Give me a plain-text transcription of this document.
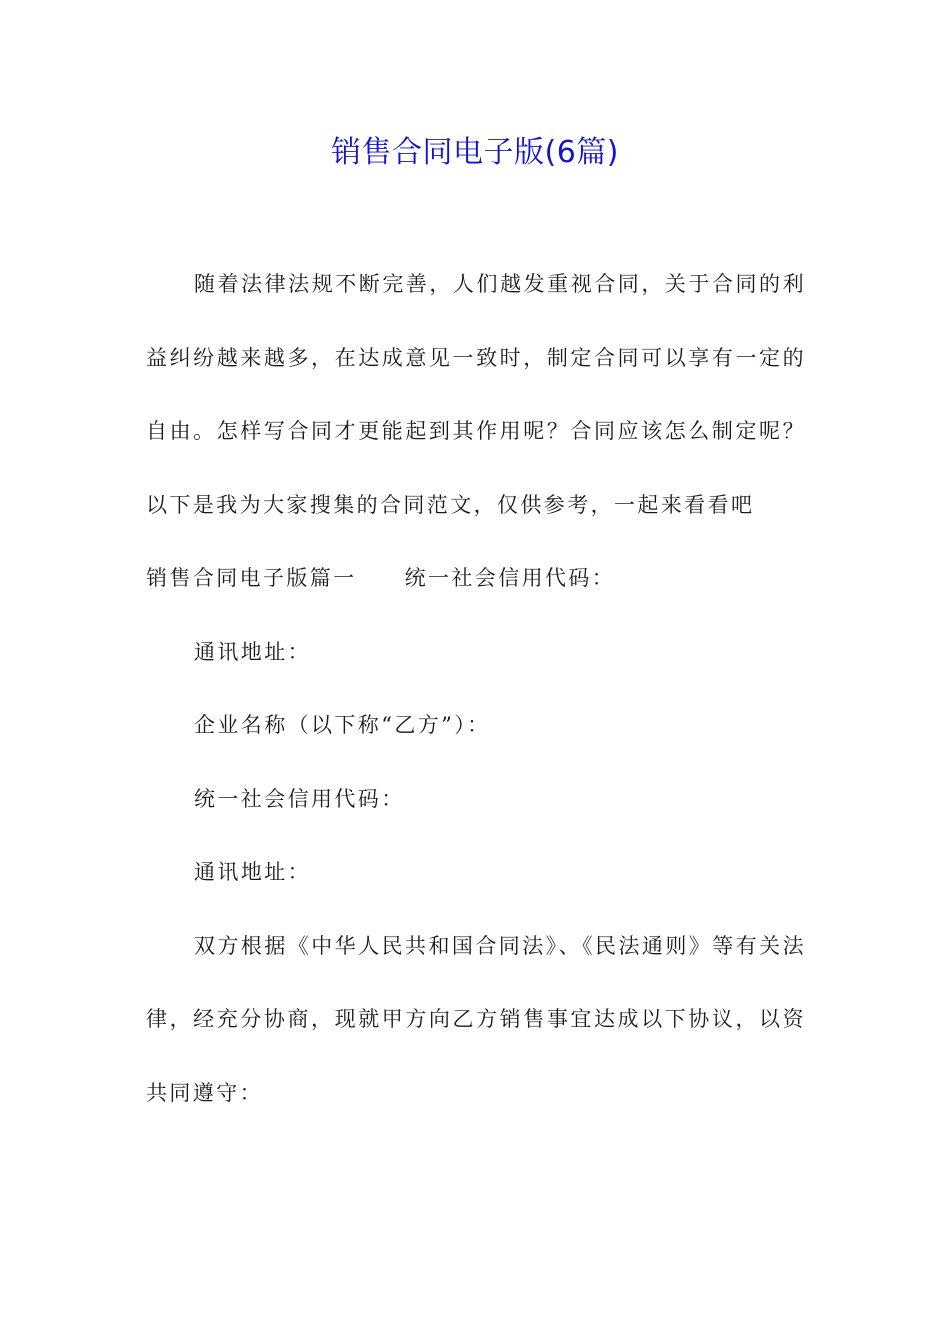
销售合同电子版(6篇)

随着法律法规不断完善，人们越发重视合同，关于合同的利益纠纷越来越多，在达成意见一致时，制定合同可以享有一定的自由。怎样写合同才更能起到其作用呢？合同应该怎么制定呢？以下是我为大家搜集的合同范文，仅供参考，一起来看看吧

销售合同电子版篇一 统一社会信用代码：

通讯地址：

企业名称（以下称“乙方”）：

统一社会信用代码：

通讯地址：

双方根据《中华人民共和国合同法》、《民法通则》等有关法律，经充分协商，现就甲方向乙方销售事宜达成以下协议，以资共同遵守：
